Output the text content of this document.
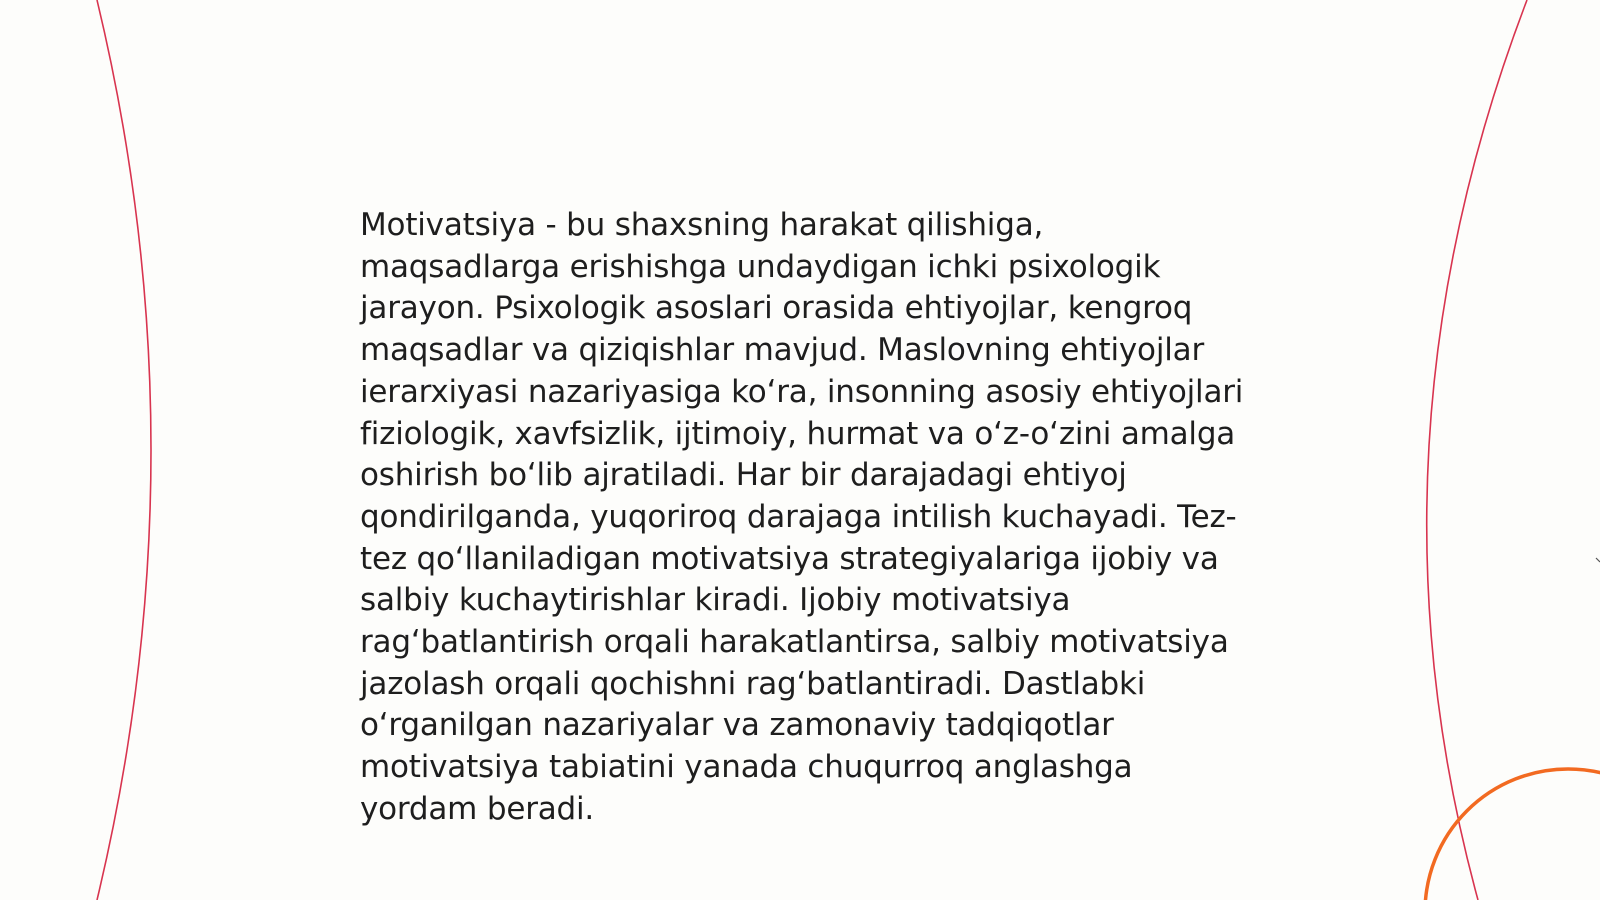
Motivatsiya - bu shaxsning harakat qilishiga, maqsadlarga erishishga undaydigan ichki psixologik jarayon. Psixologik asoslari orasida ehtiyojlar, kengroq maqsadlar va qiziqishlar mavjud. Maslovning ehtiyojlar ierarxiyasi nazariyasiga ko‘ra, insonning asosiy ehtiyojlari fiziologik, xavfsizlik, ijtimoiy, hurmat va o‘z-o‘zini amalga oshirish bo‘lib ajratiladi. Har bir darajadagi ehtiyoj qondirilganda, yuqoriroq darajaga intilish kuchayadi. Tez-tez qo‘llaniladigan motivatsiya strategiyalariga ijobiy va salbiy kuchaytirishlar kiradi. Ijobiy motivatsiya rag‘batlantirish orqali harakatlantirsa, salbiy motivatsiya jazolash orqali qochishni rag‘batlantiradi. Dastlabki o‘rganilgan nazariyalar va zamonaviy tadqiqotlar motivatsiya tabiatini yanada chuqurroq anglashga yordam beradi.
